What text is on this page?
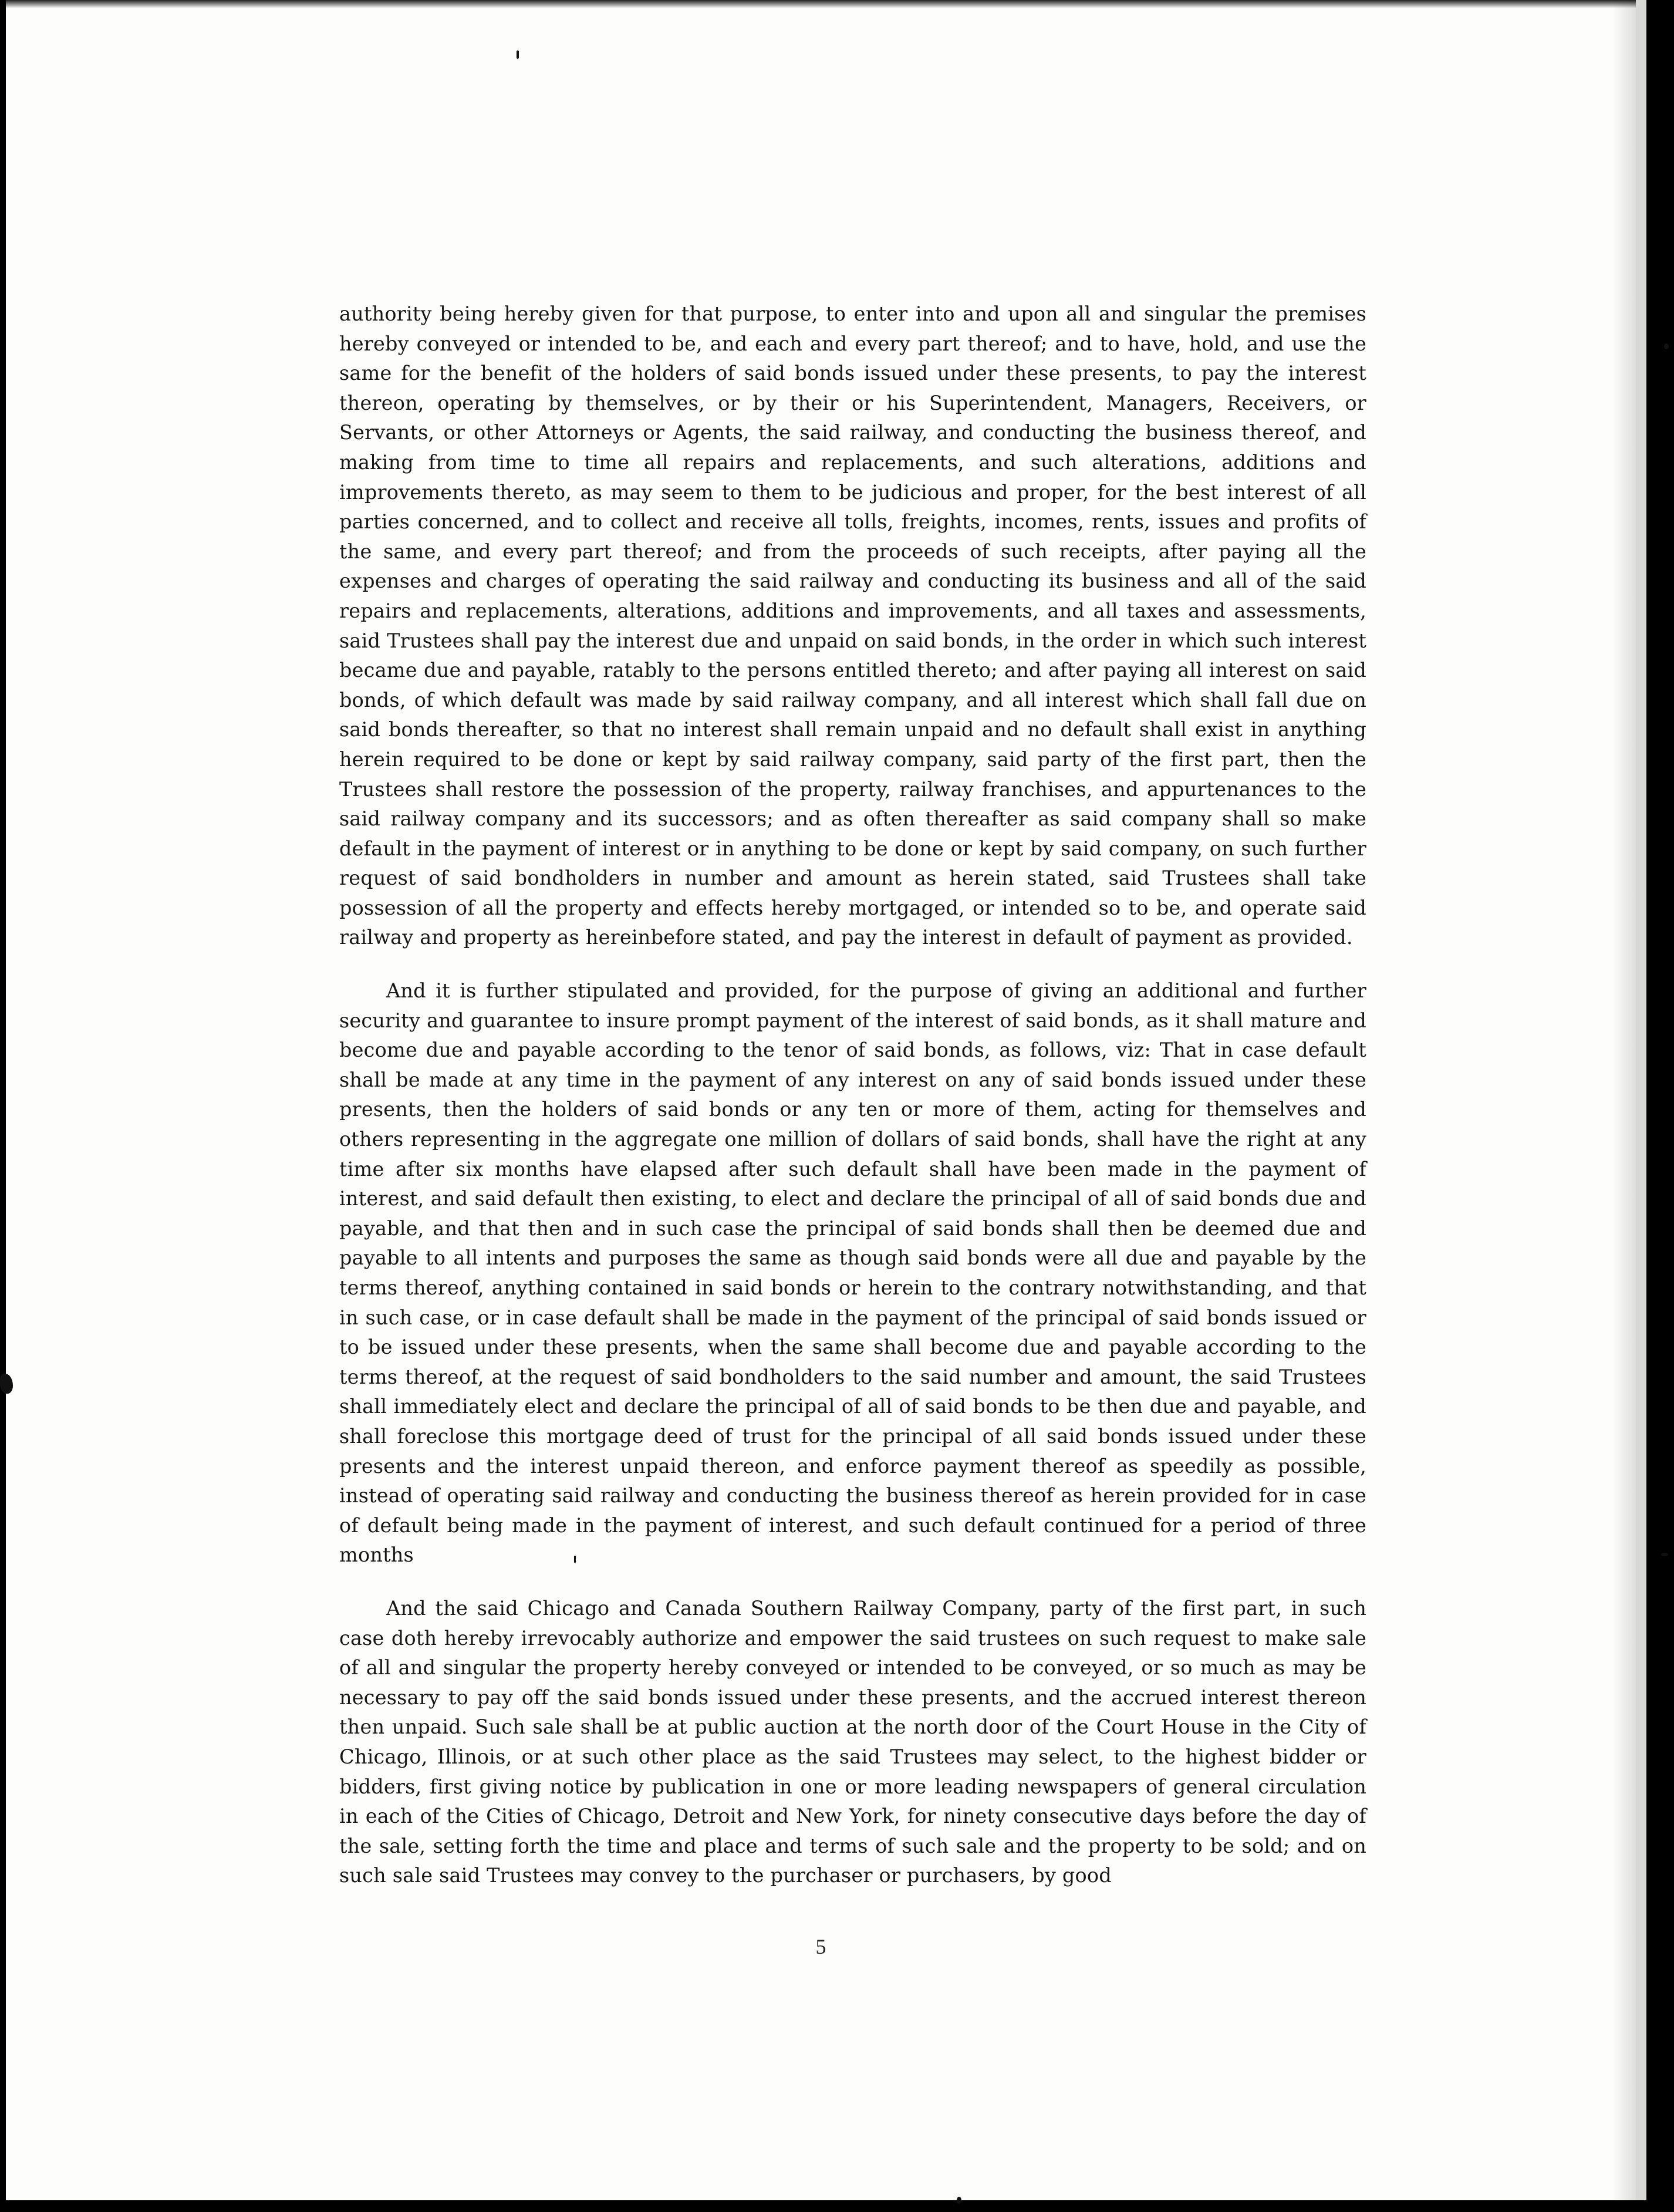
authority being hereby given for that purpose, to enter into and upon all and singular the premises hereby conveyed or intended to be, and each and every part thereof; and to have, hold, and use the same for the benefit of the holders of said bonds issued under these presents, to pay the interest thereon, operating by themselves, or by their or his Superintendent, Managers, Receivers, or Servants, or other Attorneys or Agents, the said railway, and conducting the business thereof, and making from time to time all repairs and replacements, and such alterations, additions and improvements thereto, as may seem to them to be judicious and proper, for the best interest of all parties concerned, and to collect and receive all tolls, freights, incomes, rents, issues and profits of the same, and every part thereof; and from the proceeds of such receipts, after paying all the expenses and charges of operating the said railway and conducting its business and all of the said repairs and replacements, alterations, additions and improvements, and all taxes and assessments, said Trustees shall pay the interest due and unpaid on said bonds, in the order in which such interest became due and payable, ratably to the persons entitled thereto; and after paying all interest on said bonds, of which default was made by said railway company, and all interest which shall fall due on said bonds thereafter, so that no interest shall remain unpaid and no default shall exist in anything herein required to be done or kept by said railway company, said party of the first part, then the Trustees shall restore the possession of the property, railway franchises, and appurtenances to the said railway company and its successors; and as often thereafter as said company shall so make default in the payment of interest or in anything to be done or kept by said company, on such further request of said bondholders in number and amount as herein stated, said Trustees shall take possession of all the property and effects hereby mortgaged, or intended so to be, and operate said railway and property as hereinbefore stated, and pay the interest in default of payment as provided.

And it is further stipulated and provided, for the purpose of giving an additional and further security and guarantee to insure prompt payment of the interest of said bonds, as it shall mature and become due and payable according to the tenor of said bonds, as follows, viz: That in case default shall be made at any time in the payment of any interest on any of said bonds issued under these presents, then the holders of said bonds or any ten or more of them, acting for themselves and others representing in the aggregate one million of dollars of said bonds, shall have the right at any time after six months have elapsed after such default shall have been made in the payment of interest, and said default then existing, to elect and declare the principal of all of said bonds due and payable, and that then and in such case the principal of said bonds shall then be deemed due and payable to all intents and purposes the same as though said bonds were all due and payable by the terms thereof, anything contained in said bonds or herein to the contrary notwithstanding, and that in such case, or in case default shall be made in the payment of the principal of said bonds issued or to be issued under these presents, when the same shall become due and payable according to the terms thereof, at the request of said bondholders to the said number and amount, the said Trustees shall immediately elect and declare the principal of all of said bonds to be then due and payable, and shall foreclose this mortgage deed of trust for the principal of all said bonds issued under these presents and the interest unpaid thereon, and enforce payment thereof as speedily as possible, instead of operating said railway and conducting the business thereof as herein provided for in case of default being made in the payment of interest, and such default continued for a period of three months

And the said Chicago and Canada Southern Railway Company, party of the first part, in such case doth hereby irrevocably authorize and empower the said trustees on such request to make sale of all and singular the property hereby conveyed or intended to be conveyed, or so much as may be necessary to pay off the said bonds issued under these presents, and the accrued interest thereon then unpaid. Such sale shall be at public auction at the north door of the Court House in the City of Chicago, Illinois, or at such other place as the said Trustees may select, to the highest bidder or bidders, first giving notice by publication in one or more leading newspapers of general circulation in each of the Cities of Chicago, Detroit and New York, for ninety consecutive days before the day of the sale, setting forth the time and place and terms of such sale and the property to be sold; and on such sale said Trustees may convey to the purchaser or purchasers, by good

5
